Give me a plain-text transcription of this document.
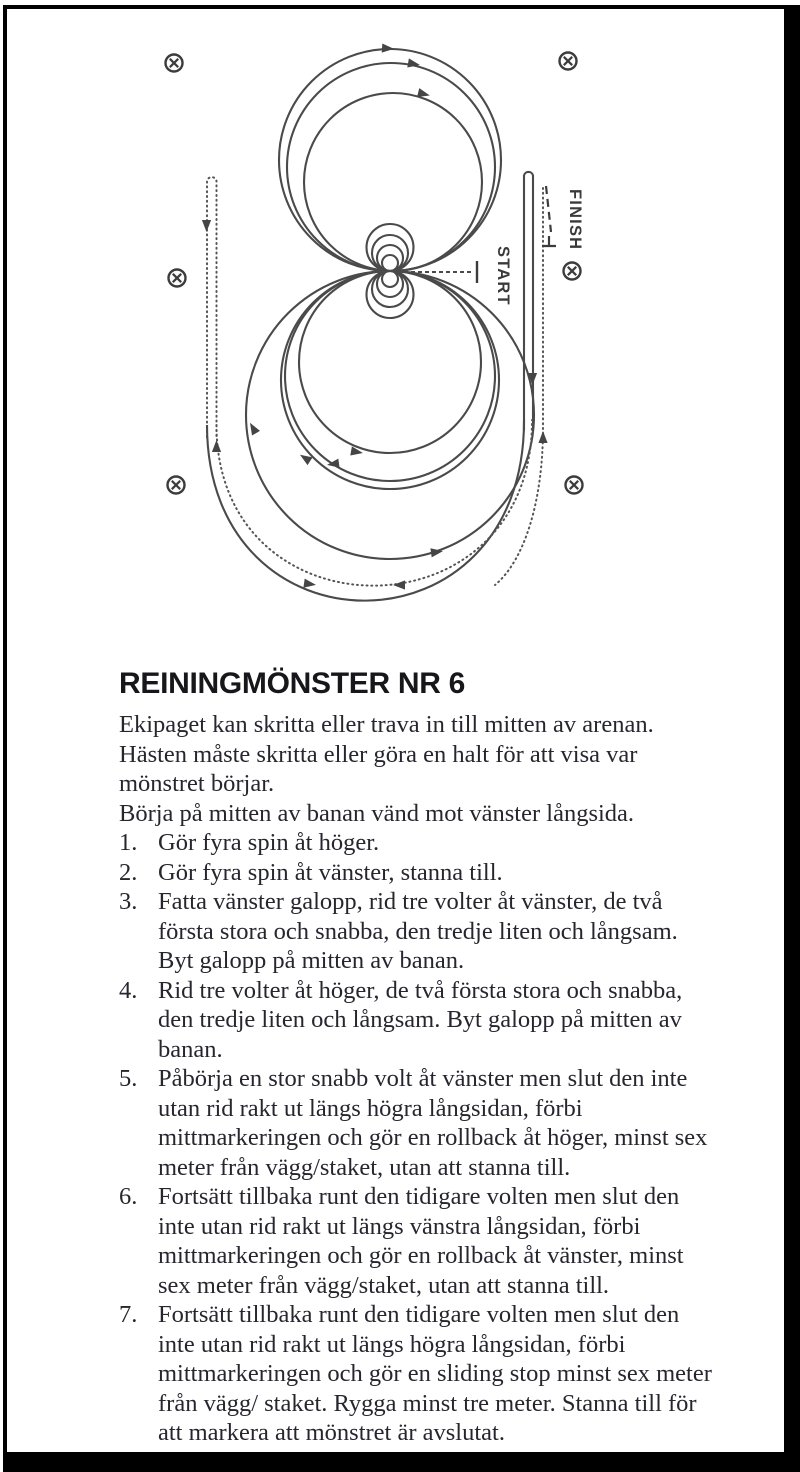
START
FINISH
REININGMÖNSTER NR 6

Ekipaget kan skritta eller trava in till mitten av arenan. Hästen måste skritta eller göra en halt för att visa var mönstret börjar.

Börja på mitten av banan vänd mot vänster långsida.

1. Gör fyra spin åt höger.
2. Gör fyra spin åt vänster, stanna till.
3. Fatta vänster galopp, rid tre volter åt vänster, de två första stora och snabba, den tredje liten och långsam. Byt galopp på mitten av banan.
4. Rid tre volter åt höger, de två första stora och snabba, den tredje liten och långsam. Byt galopp på mitten av banan.
5. Påbörja en stor snabb volt åt vänster men slut den inte utan rid rakt ut längs högra långsidan, förbi mittmarkeringen och gör en rollback åt höger, minst sex meter från vägg/staket, utan att stanna till.
6. Fortsätt tillbaka runt den tidigare volten men slut den inte utan rid rakt ut längs vänstra långsidan, förbi mittmarkeringen och gör en rollback åt vänster, minst sex meter från vägg/staket, utan att stanna till.
7. Fortsätt tillbaka runt den tidigare volten men slut den inte utan rid rakt ut längs högra långsidan, förbi mittmarkeringen och gör en sliding stop minst sex meter från vägg/ staket. Rygga minst tre meter. Stanna till för att markera att mönstret är avslutat.
